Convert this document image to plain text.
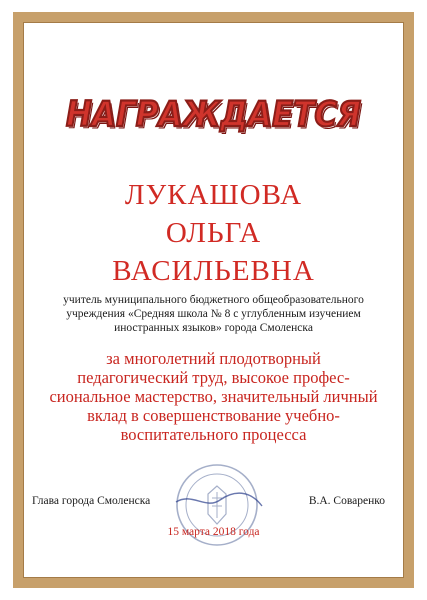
НАГРАЖДАЕТСЯ
ЛУКАШОВА
ОЛЬГА
ВАСИЛЬЕВНА
учитель муниципального бюджетного общеобразовательного
учреждения «Средняя школа № 8 с углубленным изучением
иностранных языков» города Смоленска
за многолетний плодотворный
педагогический труд, высокое профес-
сиональное мастерство, значительный личный
вклад в совершенствование учебно-
воспитательного процесса
Глава города Смоленска	В.А. Соваренко
15 марта 2018 года
